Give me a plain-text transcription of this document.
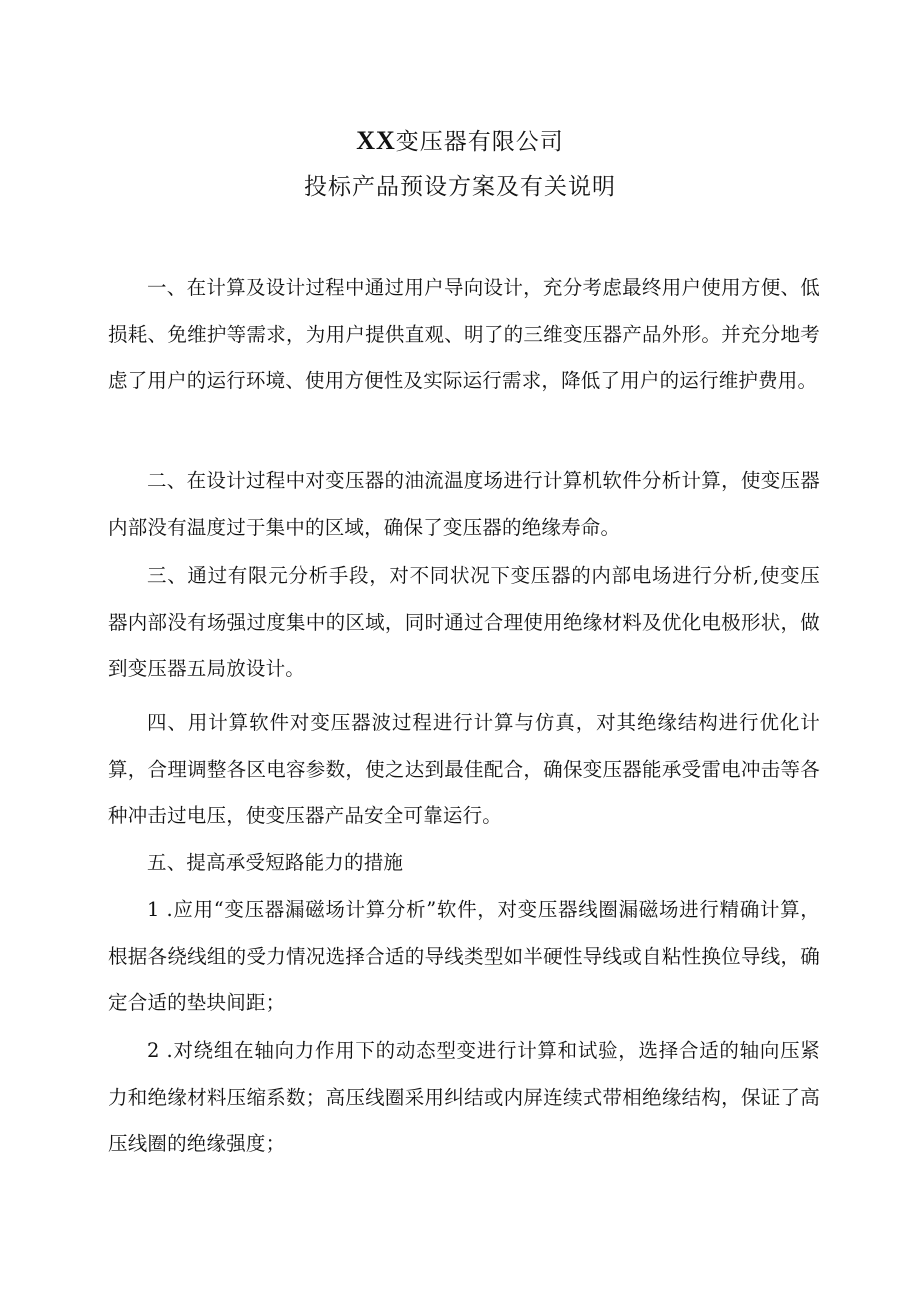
XX变压器有限公司
投标产品预设方案及有关说明

一、在计算及设计过程中通过用户导向设计，充分考虑最终用户使用方便、低损耗、免维护等需求，为用户提供直观、明了的三维变压器产品外形。并充分地考虑了用户的运行环境、使用方便性及实际运行需求，降低了用户的运行维护费用。

二、在设计过程中对变压器的油流温度场进行计算机软件分析计算，使变压器内部没有温度过于集中的区域，确保了变压器的绝缘寿命。

三、通过有限元分析手段，对不同状况下变压器的内部电场进行分析,使变压器内部没有场强过度集中的区域，同时通过合理使用绝缘材料及优化电极形状，做到变压器五局放设计。

四、用计算软件对变压器波过程进行计算与仿真，对其绝缘结构进行优化计算，合理调整各区电容参数，使之达到最佳配合，确保变压器能承受雷电冲击等各种冲击过电压，使变压器产品安全可靠运行。

五、提高承受短路能力的措施

1 .应用“变压器漏磁场计算分析”软件，对变压器线圈漏磁场进行精确计算，根据各绕线组的受力情况选择合适的导线类型如半硬性导线或自粘性换位导线，确定合适的垫块间距；

2 .对绕组在轴向力作用下的动态型变进行计算和试验，选择合适的轴向压紧力和绝缘材料压缩系数；高压线圈采用纠结或内屏连续式带相绝缘结构，保证了高压线圈的绝缘强度；
